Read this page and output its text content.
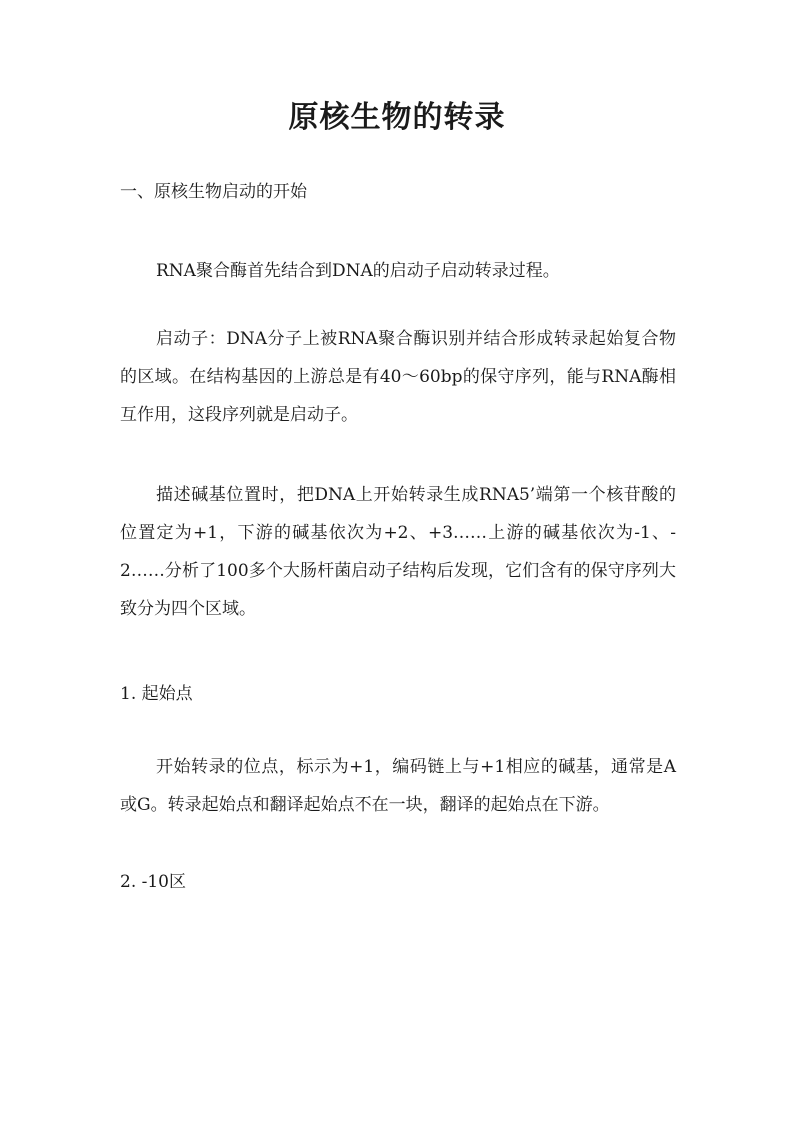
原核生物的转录

一、原核生物启动的开始

RNA聚合酶首先结合到DNA的启动子启动转录过程。

启动子：DNA分子上被RNA聚合酶识别并结合形成转录起始复合物的区域。在结构基因的上游总是有40～60bp的保守序列，能与RNA酶相互作用，这段序列就是启动子。

描述碱基位置时，把DNA上开始转录生成RNA5’端第一个核苷酸的位置定为+1，下游的碱基依次为+2、+3……上游的碱基依次为-1、-2……分析了100多个大肠杆菌启动子结构后发现，它们含有的保守序列大致分为四个区域。

1. 起始点

开始转录的位点，标示为+1，编码链上与+1相应的碱基，通常是A或G。转录起始点和翻译起始点不在一块，翻译的起始点在下游。

2. -10区
